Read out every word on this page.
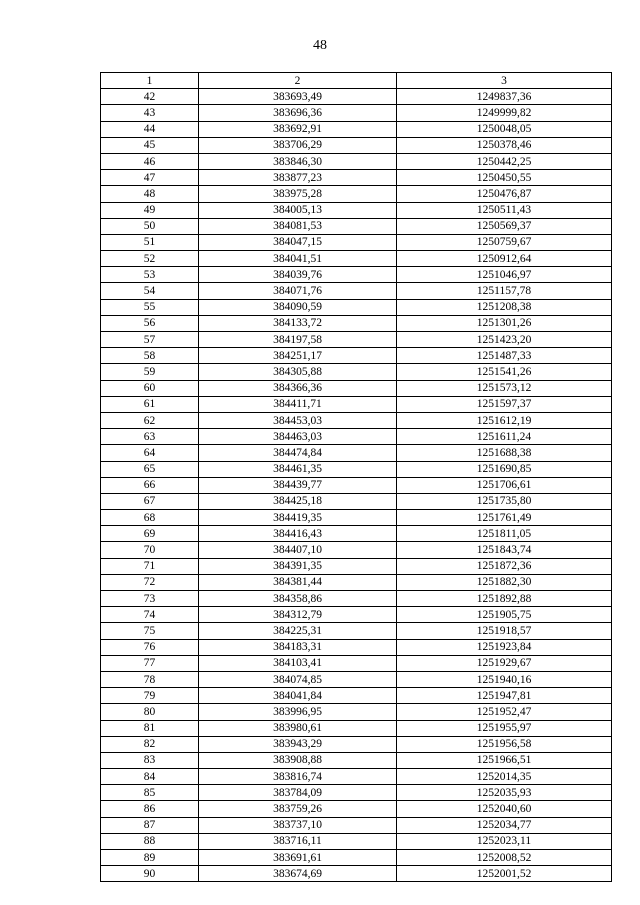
48
1	2	3
42	383693,49	1249837,36
43	383696,36	1249999,82
44	383692,91	1250048,05
45	383706,29	1250378,46
46	383846,30	1250442,25
47	383877,23	1250450,55
48	383975,28	1250476,87
49	384005,13	1250511,43
50	384081,53	1250569,37
51	384047,15	1250759,67
52	384041,51	1250912,64
53	384039,76	1251046,97
54	384071,76	1251157,78
55	384090,59	1251208,38
56	384133,72	1251301,26
57	384197,58	1251423,20
58	384251,17	1251487,33
59	384305,88	1251541,26
60	384366,36	1251573,12
61	384411,71	1251597,37
62	384453,03	1251612,19
63	384463,03	1251611,24
64	384474,84	1251688,38
65	384461,35	1251690,85
66	384439,77	1251706,61
67	384425,18	1251735,80
68	384419,35	1251761,49
69	384416,43	1251811,05
70	384407,10	1251843,74
71	384391,35	1251872,36
72	384381,44	1251882,30
73	384358,86	1251892,88
74	384312,79	1251905,75
75	384225,31	1251918,57
76	384183,31	1251923,84
77	384103,41	1251929,67
78	384074,85	1251940,16
79	384041,84	1251947,81
80	383996,95	1251952,47
81	383980,61	1251955,97
82	383943,29	1251956,58
83	383908,88	1251966,51
84	383816,74	1252014,35
85	383784,09	1252035,93
86	383759,26	1252040,60
87	383737,10	1252034,77
88	383716,11	1252023,11
89	383691,61	1252008,52
90	383674,69	1252001,52
